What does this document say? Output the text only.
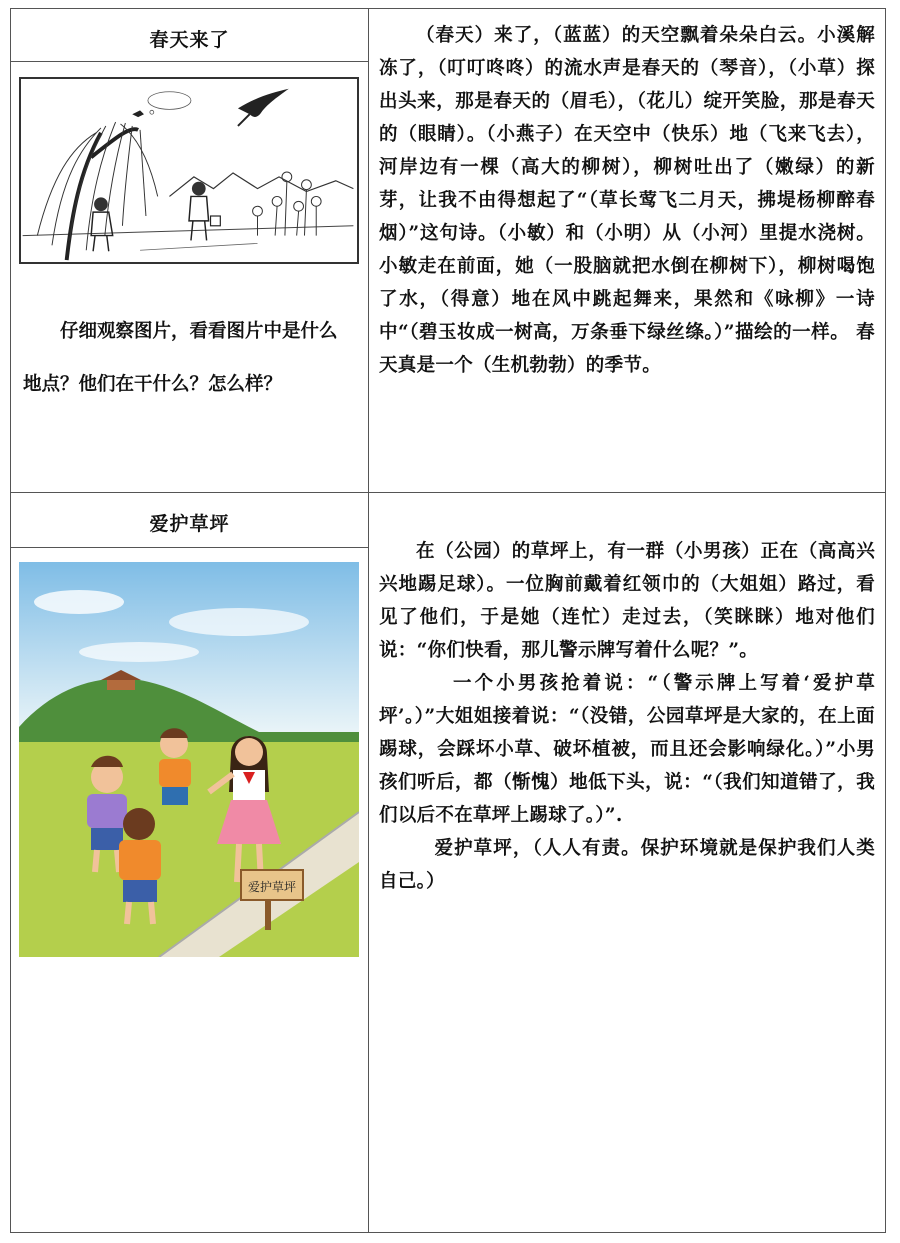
春天来了
仔细观察图片，看看图片中是什么地点？他们在干什么？怎么样？

（春天）来了，（蓝蓝）的天空飘着朵朵白云。小溪解冻了，（叮叮咚咚）的流水声是春天的（琴音），（小草）探出头来，那是春天的（眉毛），（花儿）绽开笑脸，那是春天的（眼睛）。（小燕子）在天空中（快乐）地（飞来飞去），河岸边有一棵（高大的柳树），柳树吐出了（嫩绿）的新芽，让我不由得想起了“（草长莺飞二月天，拂堤杨柳醉春烟）”这句诗。（小敏）和（小明）从（小河）里提水浇树。小敏走在前面，她（一股脑就把水倒在柳树下），柳树喝饱了水，（得意）地在风中跳起舞来，果然和《咏柳》一诗中“（碧玉妆成一树高，万条垂下绿丝绦。）”描绘的一样。 春天真是一个（生机勃勃）的季节。

爱护草坪
爱护草坪

在（公园）的草坪上，有一群（小男孩）正在（高高兴兴地踢足球）。一位胸前戴着红领巾的（大姐姐）路过，看见了他们，于是她（连忙）走过去，（笑眯眯）地对他们说：“你们快看，那儿警示牌写着什么呢？”。

一个小男孩抢着说：“（警示牌上写着‘爱护草坪’。）”大姐姐接着说：“（没错，公园草坪是大家的，在上面踢球，会踩坏小草、破坏植被，而且还会影响绿化。）”小男孩们听后，都（惭愧）地低下头，说：“（我们知道错了，我们以后不在草坪上踢球了。）”.

爱护草坪，（人人有责。保护环境就是保护我们人类自己。）
